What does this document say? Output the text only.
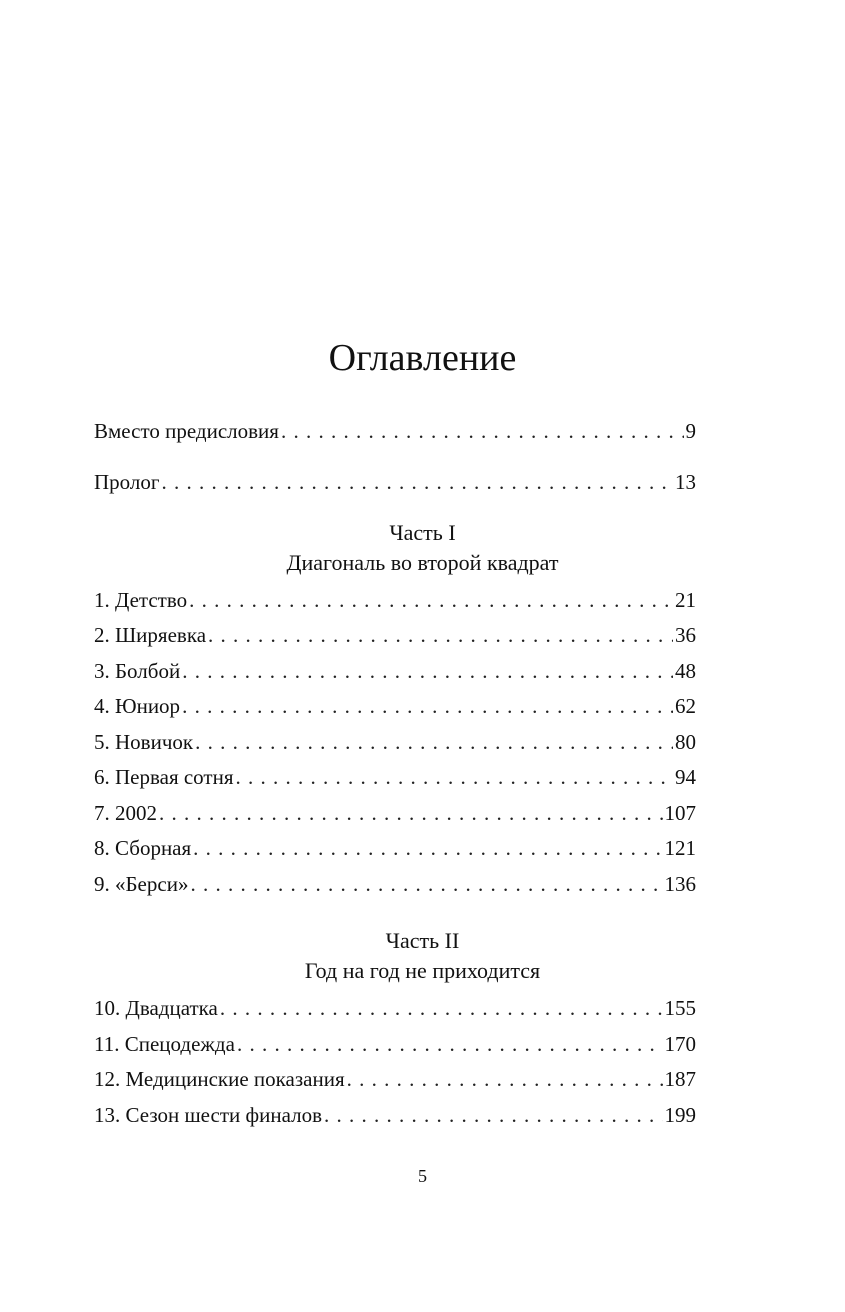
Оглавление
Вместо предисловия . . .	9
Пролог . . .	13
Часть I
Диагональ во второй квадрат
1. Детство . . .	21
2. Ширяевка . . .	36
3. Болбой . . .	48
4. Юниор . . .	62
5. Новичок . . .	80
6. Первая сотня . . .	94
7. 2002 . . .	107
8. Сборная . . .	121
9. «Берси» . . .	136
Часть II
Год на год не приходится
10. Двадцатка . . .	155
11. Спецодежда . . .	170
12. Медицинские показания . . .	187
13. Сезон шести финалов . . .	199
5
